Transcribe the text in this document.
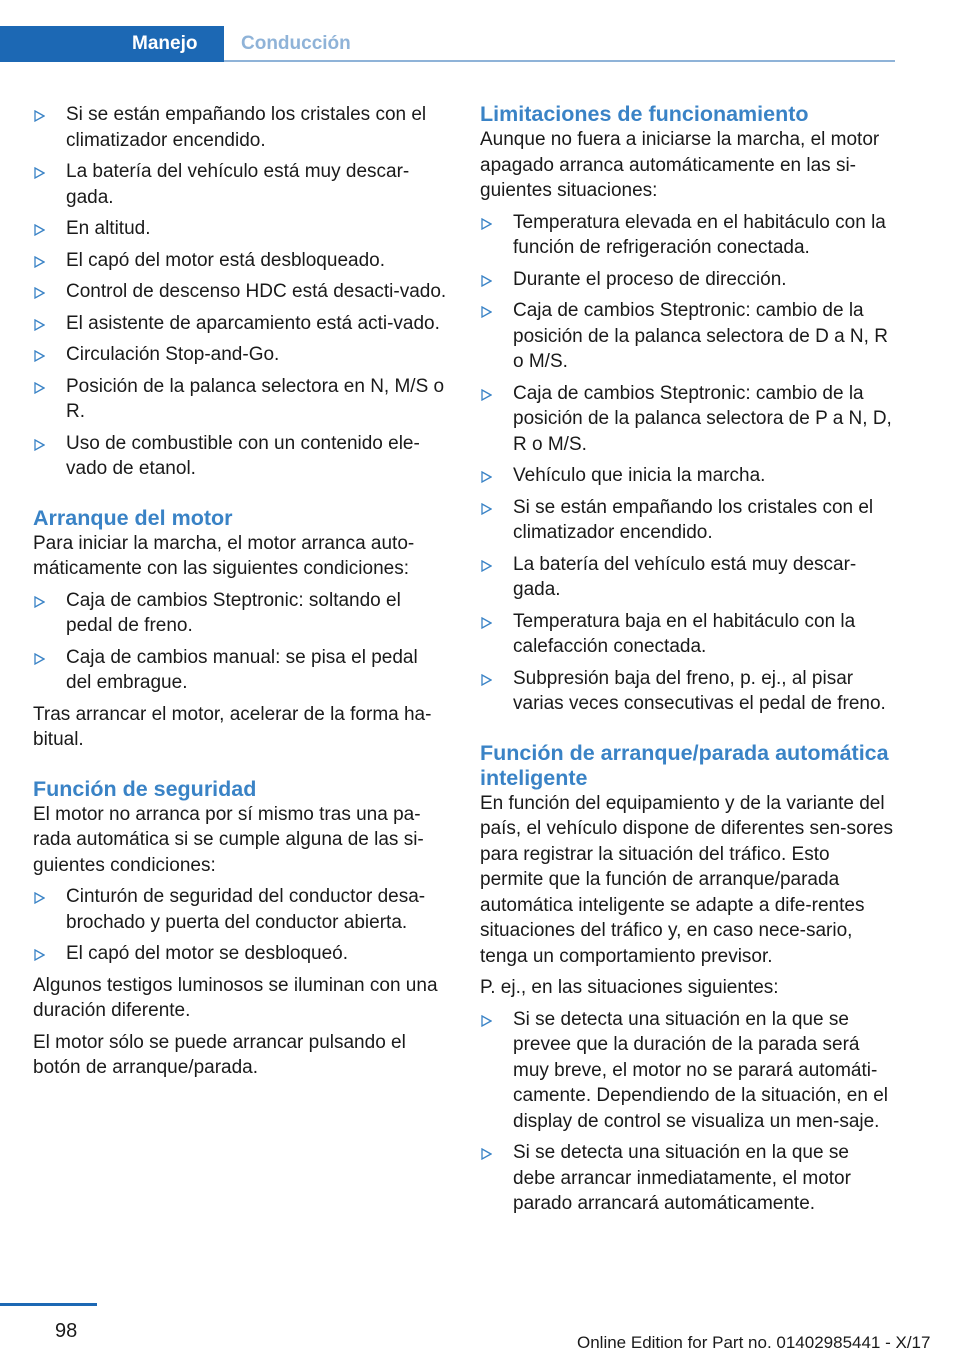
Manejo Conducción
Si se están empañando los cristales con el climatizador encendido.
La batería del vehículo está muy descar‐gada.
En altitud.
El capó del motor está desbloqueado.
Control de descenso HDC está desacti‐vado.
El asistente de aparcamiento está acti‐vado.
Circulación Stop-and-Go.
Posición de la palanca selectora en N, M/S o R.
Uso de combustible con un contenido ele‐vado de etanol.
Arranque del motor

Para iniciar la marcha, el motor arranca auto‐máticamente con las siguientes condiciones:

Caja de cambios Steptronic: soltando el pedal de freno.
Caja de cambios manual: se pisa el pedal del embrague.

Tras arrancar el motor, acelerar de la forma ha‐bitual.

Función de seguridad

El motor no arranca por sí mismo tras una pa‐rada automática si se cumple alguna de las si‐guientes condiciones:

Cinturón de seguridad del conductor desa‐brochado y puerta del conductor abierta.
El capó del motor se desbloqueó.

Algunos testigos luminosos se iluminan con una duración diferente.

El motor sólo se puede arrancar pulsando el botón de arranque/parada.

Limitaciones de funcionamiento

Aunque no fuera a iniciarse la marcha, el motor apagado arranca automáticamente en las si‐guientes situaciones:

Temperatura elevada en el habitáculo con la función de refrigeración conectada.
Durante el proceso de dirección.
Caja de cambios Steptronic: cambio de la posición de la palanca selectora de D a N, R o M/S.
Caja de cambios Steptronic: cambio de la posición de la palanca selectora de P a N, D, R o M/S.
Vehículo que inicia la marcha.
Si se están empañando los cristales con el climatizador encendido.
La batería del vehículo está muy descar‐gada.
Temperatura baja en el habitáculo con la calefacción conectada.
Subpresión baja del freno, p. ej., al pisar varias veces consecutivas el pedal de freno.
Función de arranque/parada automática inteligente

En función del equipamiento y de la variante del país, el vehículo dispone de diferentes sen‐sores para registrar la situación del tráfico. Esto permite que la función de arranque/parada automática inteligente se adapte a dife‐rentes situaciones del tráfico y, en caso nece‐sario, tenga un comportamiento previsor.

P. ej., en las situaciones siguientes:

Si se detecta una situación en la que se prevee que la duración de la parada será muy breve, el motor no se parará automáti‐camente. Dependiendo de la situación, en el display de control se visualiza un men‐saje.
Si se detecta una situación en la que se debe arrancar inmediatamente, el motor parado arrancará automáticamente.
98
Online Edition for Part no. 01402985441 - X/17
